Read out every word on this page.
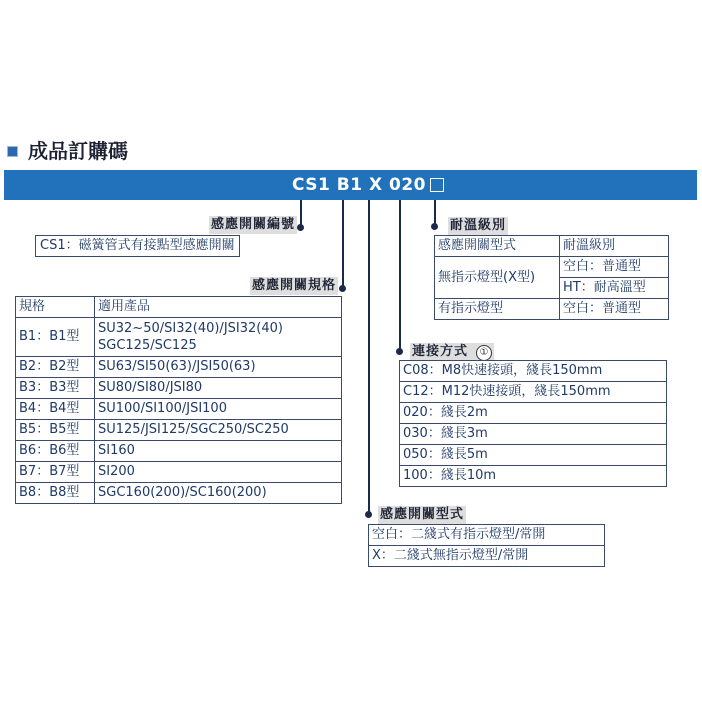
成品訂購碼
CS1 B1 X 020
感應開關編號
CS1：磁簧管式有接點型感應開關
感應開關規格
規格	適用產品
B1：B1型	SU32~50/SI32(40)/JSI32(40)
SGC125/SC125

B2：B2型	SU63/SI50(63)/JSI50(63)
B3：B3型	SU80/SI80/JSI80
B4：B4型	SU100/SI100/JSI100
B5：B5型	SU125/JSI125/SGC250/SC250
B6：B6型	SI160
B7：B7型	SI200
B8：B8型	SGC160(200)/SC160(200)
耐溫級別
感應開關型式	耐溫級別
無指示燈型(X型)	空白：普通型
	HT：耐高溫型
有指示燈型	空白：普通型
連接方式 ①
C08：M8快速接頭，綫長150mm
C12：M12快速接頭，綫長150mm
020：綫長2m
030：綫長3m
050：綫長5m
100：綫長10m
感應開關型式
空白：二綫式有指示燈型/常開
X：二綫式無指示燈型/常開
